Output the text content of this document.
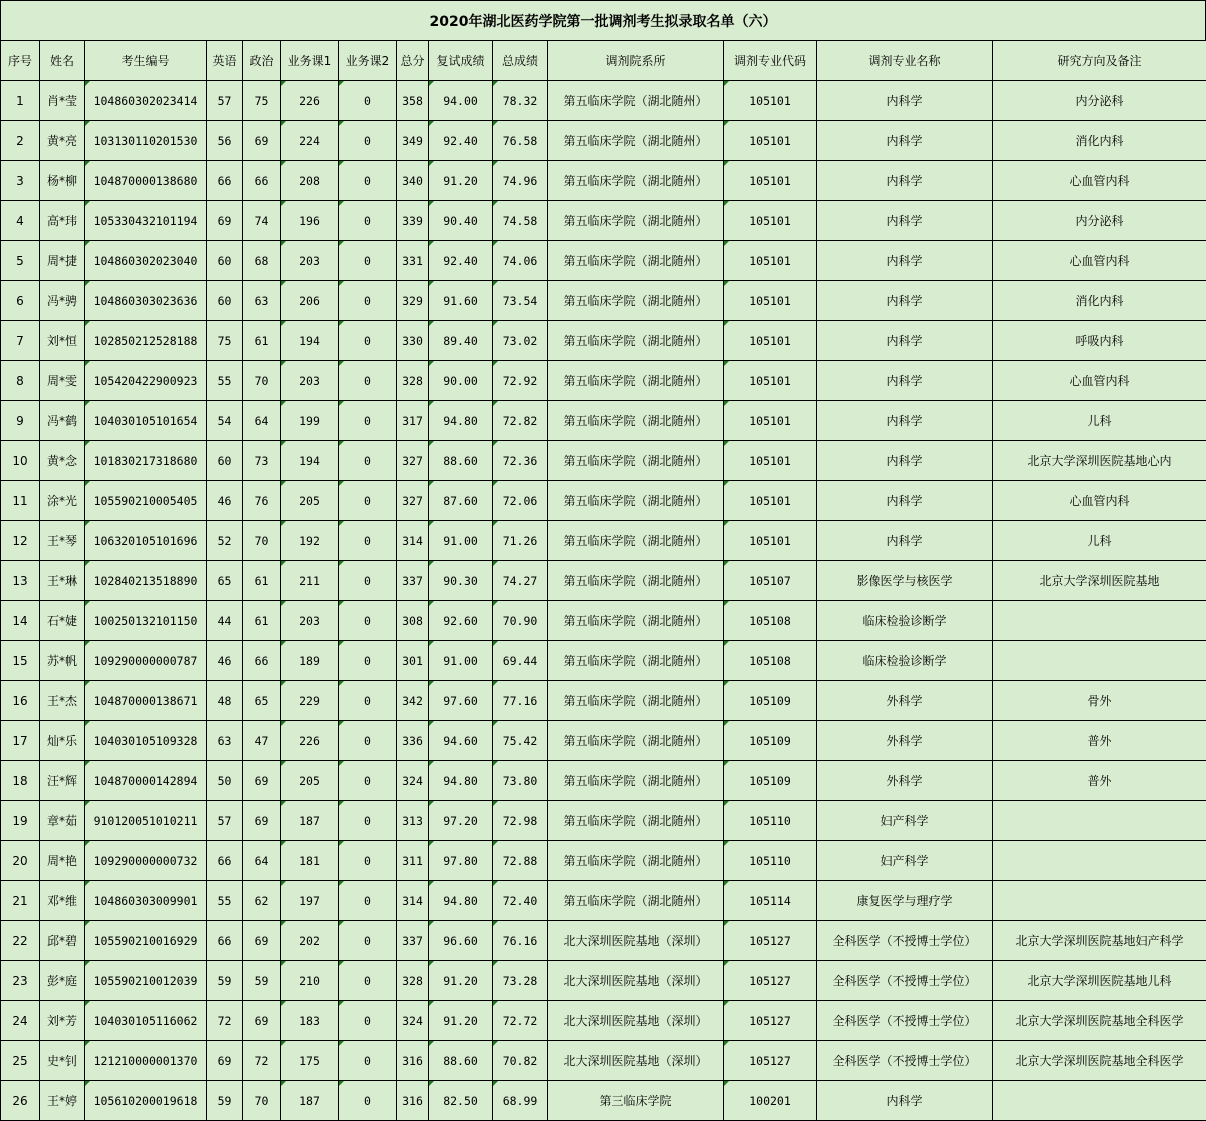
2020年湖北医药学院第一批调剂考生拟录取名单（六）
序号	姓名	考生编号	英语	政治	业务课1	业务课2	总分	复试成绩	总成绩	调剂院系所	调剂专业代码	调剂专业名称	研究方向及备注
1	肖*莹	104860302023414	57	75	226	0	358	94.00	78.32	第五临床学院（湖北随州）	105101	内科学	内分泌科
2	黄*亮	103130110201530	56	69	224	0	349	92.40	76.58	第五临床学院（湖北随州）	105101	内科学	消化内科
3	杨*柳	104870000138680	66	66	208	0	340	91.20	74.96	第五临床学院（湖北随州）	105101	内科学	心血管内科
4	高*玮	105330432101194	69	74	196	0	339	90.40	74.58	第五临床学院（湖北随州）	105101	内科学	内分泌科
5	周*捷	104860302023040	60	68	203	0	331	92.40	74.06	第五临床学院（湖北随州）	105101	内科学	心血管内科
6	冯*骋	104860303023636	60	63	206	0	329	91.60	73.54	第五临床学院（湖北随州）	105101	内科学	消化内科
7	刘*恒	102850212528188	75	61	194	0	330	89.40	73.02	第五临床学院（湖北随州）	105101	内科学	呼吸内科
8	周*雯	105420422900923	55	70	203	0	328	90.00	72.92	第五临床学院（湖北随州）	105101	内科学	心血管内科
9	冯*鹤	104030105101654	54	64	199	0	317	94.80	72.82	第五临床学院（湖北随州）	105101	内科学	儿科
10	黄*念	101830217318680	60	73	194	0	327	88.60	72.36	第五临床学院（湖北随州）	105101	内科学	北京大学深圳医院基地心内
11	涂*光	105590210005405	46	76	205	0	327	87.60	72.06	第五临床学院（湖北随州）	105101	内科学	心血管内科
12	王*琴	106320105101696	52	70	192	0	314	91.00	71.26	第五临床学院（湖北随州）	105101	内科学	儿科
13	王*琳	102840213518890	65	61	211	0	337	90.30	74.27	第五临床学院（湖北随州）	105107	影像医学与核医学	北京大学深圳医院基地
14	石*婕	100250132101150	44	61	203	0	308	92.60	70.90	第五临床学院（湖北随州）	105108	临床检验诊断学	
15	苏*帆	109290000000787	46	66	189	0	301	91.00	69.44	第五临床学院（湖北随州）	105108	临床检验诊断学	
16	王*杰	104870000138671	48	65	229	0	342	97.60	77.16	第五临床学院（湖北随州）	105109	外科学	骨外
17	灿*乐	104030105109328	63	47	226	0	336	94.60	75.42	第五临床学院（湖北随州）	105109	外科学	普外
18	汪*辉	104870000142894	50	69	205	0	324	94.80	73.80	第五临床学院（湖北随州）	105109	外科学	普外
19	章*茹	910120051010211	57	69	187	0	313	97.20	72.98	第五临床学院（湖北随州）	105110	妇产科学	
20	周*艳	109290000000732	66	64	181	0	311	97.80	72.88	第五临床学院（湖北随州）	105110	妇产科学	
21	邓*维	104860303009901	55	62	197	0	314	94.80	72.40	第五临床学院（湖北随州）	105114	康复医学与理疗学	
22	邱*碧	105590210016929	66	69	202	0	337	96.60	76.16	北大深圳医院基地（深圳）	105127	全科医学（不授博士学位）	北京大学深圳医院基地妇产科学
23	彭*庭	105590210012039	59	59	210	0	328	91.20	73.28	北大深圳医院基地（深圳）	105127	全科医学（不授博士学位）	北京大学深圳医院基地儿科
24	刘*芳	104030105116062	72	69	183	0	324	91.20	72.72	北大深圳医院基地（深圳）	105127	全科医学（不授博士学位）	北京大学深圳医院基地全科医学
25	史*钊	121210000001370	69	72	175	0	316	88.60	70.82	北大深圳医院基地（深圳）	105127	全科医学（不授博士学位）	北京大学深圳医院基地全科医学
26	王*婷	105610200019618	59	70	187	0	316	82.50	68.99	第三临床学院	100201	内科学	
